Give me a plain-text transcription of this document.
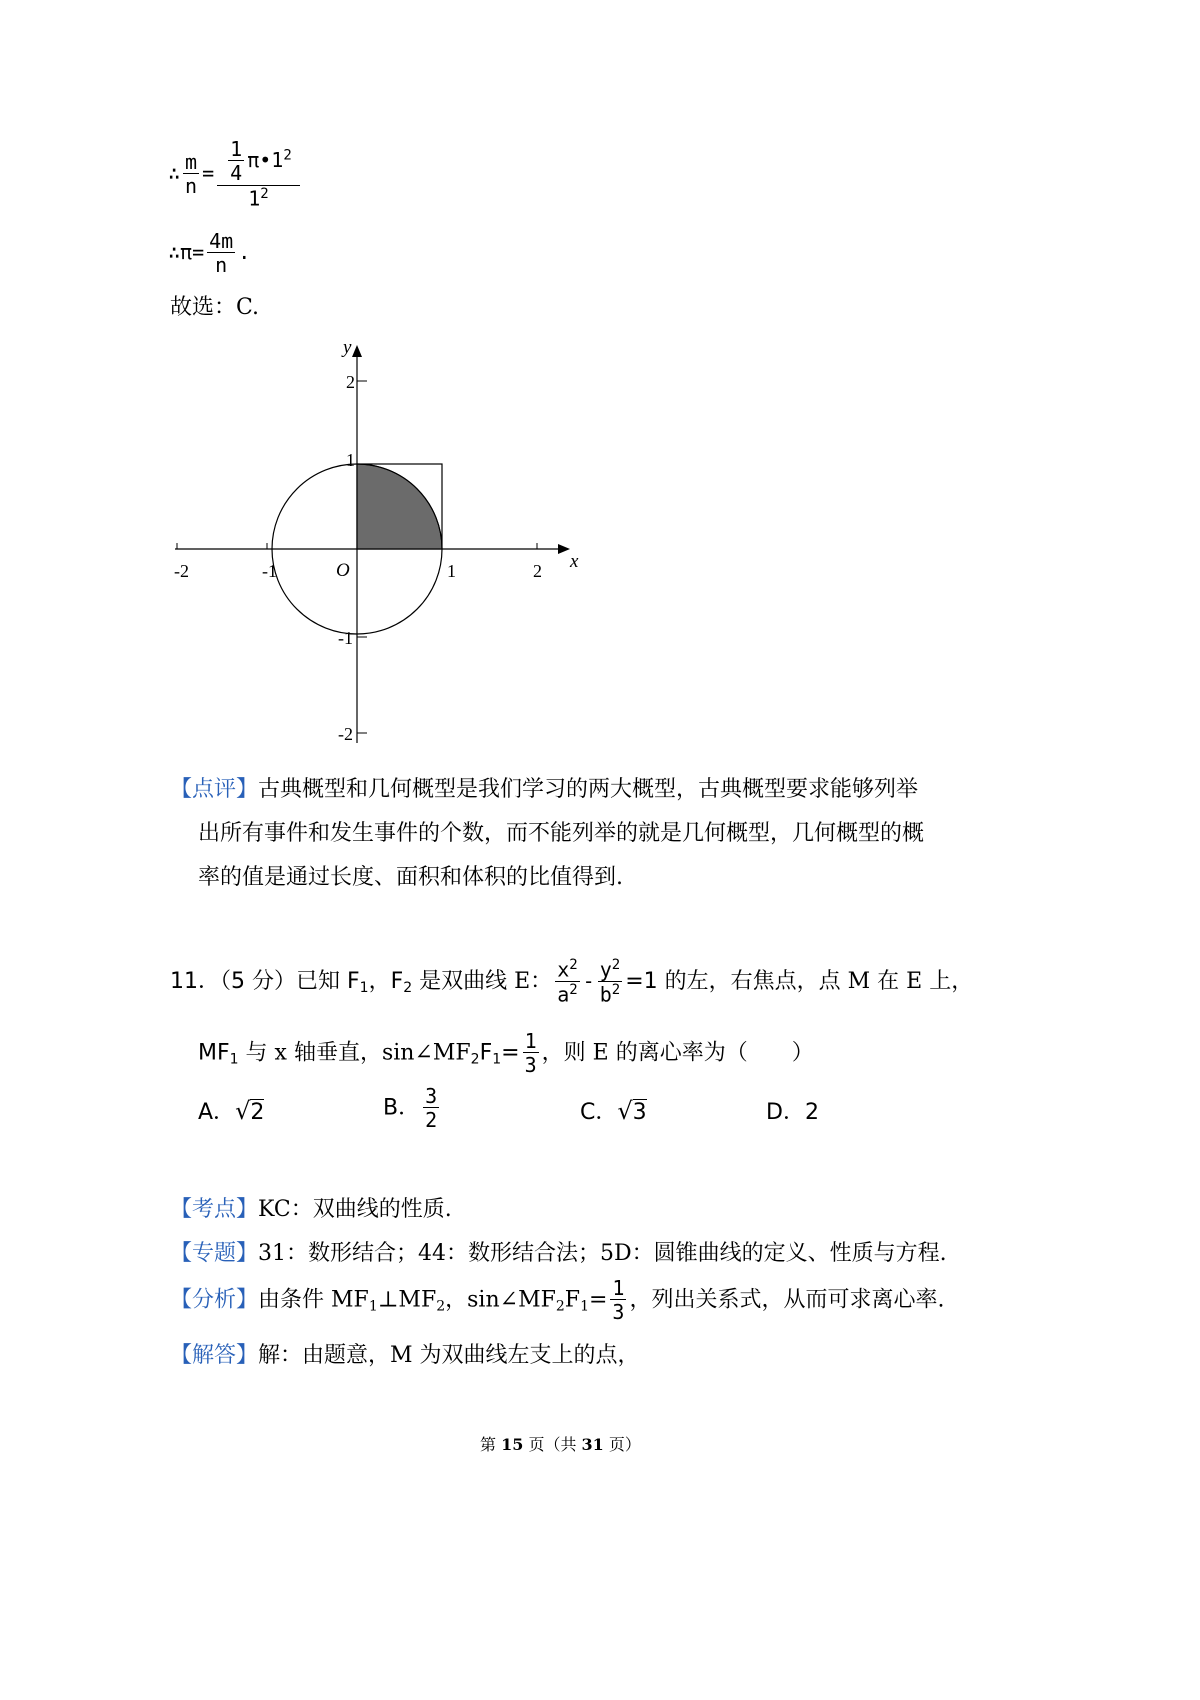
∴ $\frac{m}{n} = \frac{\frac{1}{4} \pi•1^2}{1^2}$
∴π= $\frac{4m}{n}$ .
故选：C.
x
y
O
-2	-1	1	2
2
1
-1
-2
【点评】古典概型和几何概型是我们学习的两大概型，古典概型要求能够列举
出所有事件和发生事件的个数，而不能列举的就是几何概型，几何概型的概
率的值是通过长度、面积和体积的比值得到.
11．（5 分）已知 $F_1$，$F_2$ 是双曲线 E： $\frac{x^2}{a^2} - \frac{y^2}{b^2} =1$ 的左，右焦点，点 M 在 E 上，
$MF_1$ 与 x 轴垂直，$\sin\angle MF_2F_1= \frac{1}{3}$ ，则 E 的离心率为（　　）
A．√2	B． $\frac{3}{2}$	C．√3	D．2
【考点】KC：双曲线的性质.
【专题】31：数形结合；44：数形结合法；5D：圆锥曲线的定义、性质与方程.
【分析】由条件 $MF_1\perp MF_2$，$\sin\angle MF_2F_1= \frac{1}{3}$ ，列出关系式，从而可求离心率.
【解答】解：由题意，M 为双曲线左支上的点，
第 15 页（共 31 页）
